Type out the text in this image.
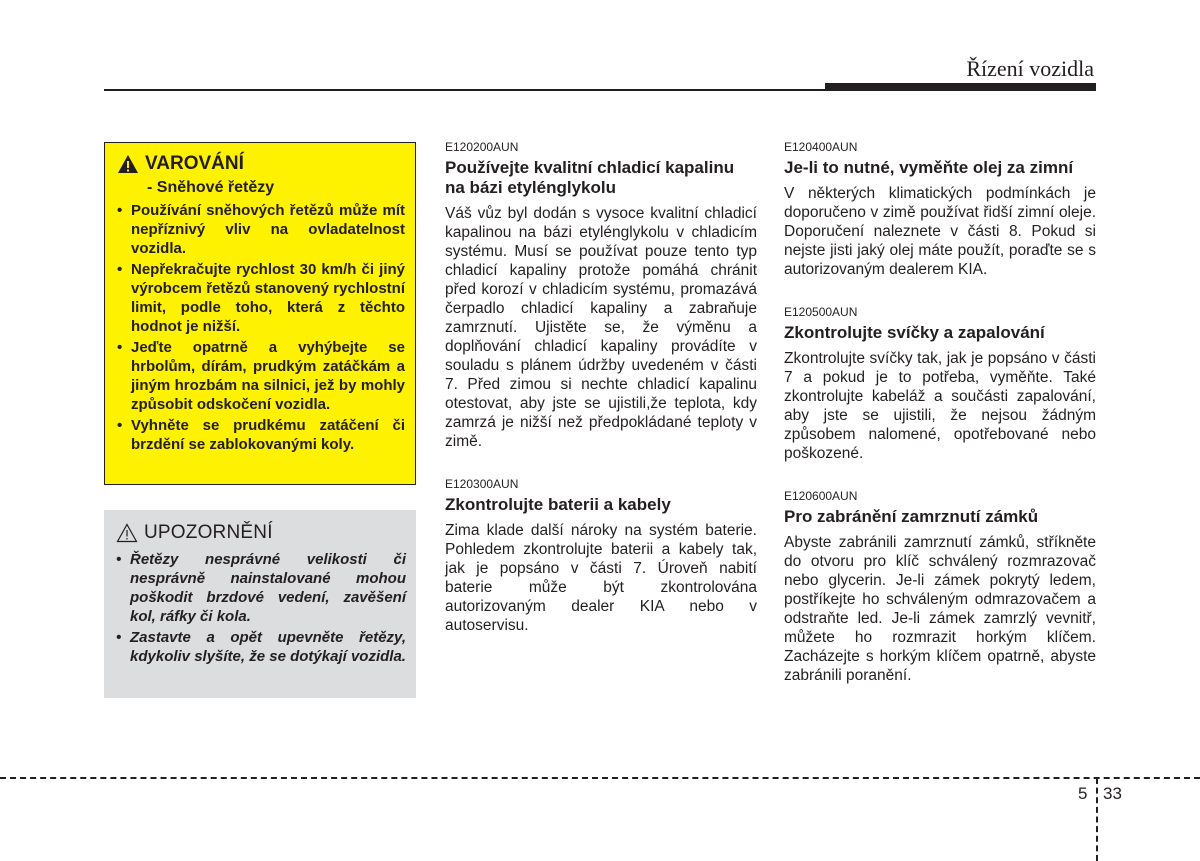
Řízení vozidla
VAROVÁNÍ
- Sněhové řetězy
• Používání sněhových řetězů může mít nepříznivý vliv na ovladatelnost vozidla.
• Nepřekračujte rychlost 30 km/h či jiný výrobcem řetězů stanovený rychlostní limit, podle toho, která z těchto hodnot je nižší.
• Jeďte opatrně a vyhýbejte se hrbolům, dírám, prudkým zatáčkám a jiným hrozbám na silnici, jež by mohly způsobit odskočení vozidla.
• Vyhněte se prudkému zatáčení či brzdění se zablokovanými koly.
UPOZORNĚNÍ
• Řetězy nesprávné velikosti či nesprávně nainstalované mohou poškodit brzdové vedení, zavěšení kol, ráfky či kola.
• Zastavte a opět upevněte řetězy, kdykoliv slyšíte, že se dotýkají vozidla.

E120200AUN

Používejte kvalitní chladicí kapalinu na bázi etylénglykolu

Váš vůz byl dodán s vysoce kvalitní chladicí kapalinou na bázi etylénglykolu v chladicím systému. Musí se používat pouze tento typ chladicí kapaliny protože pomáhá chránit před korozí v chladicím systému, promazává čerpadlo chladicí kapaliny a zabraňuje zamrznutí. Ujistěte se, že výměnu a doplňování chladicí kapaliny provádíte v souladu s plánem údržby uvedeném v části 7. Před zimou si nechte chladicí kapalinu otestovat, aby jste se ujistili,že teplota, kdy zamrzá je nižší než předpokládané teploty v zimě.

E120300AUN

Zkontrolujte baterii a kabely

Zima klade další nároky na systém baterie. Pohledem zkontrolujte baterii a kabely tak, jak je popsáno v části 7. Úroveň nabití baterie může být zkontrolována autorizovaným dealer KIA nebo v autoservisu.

E120400AUN

Je-li to nutné, vyměňte olej za zimní

V některých klimatických podmínkách je doporučeno v zimě používat řidší zimní oleje. Doporučení naleznete v části 8. Pokud si nejste jisti jaký olej máte použít, poraďte se s autorizovaným dealerem KIA.

E120500AUN

Zkontrolujte svíčky a zapalování

Zkontrolujte svíčky tak, jak je popsáno v části 7 a pokud je to potřeba, vyměňte. Také zkontrolujte kabeláž a součásti zapalování, aby jste se ujistili, že nejsou žádným způsobem nalomené, opotřebované nebo poškozené.

E120600AUN

Pro zabránění zamrznutí zámků

Abyste zabránili zamrznutí zámků, stříkněte do otvoru pro klíč schválený rozmrazovač nebo glycerin. Je-li zámek pokrytý ledem, postříkejte ho schváleným odmrazovačem a odstraňte led. Je-li zámek zamrzlý vevnitř, můžete ho rozmrazit horkým klíčem. Zacházejte s horkým klíčem opatrně, abyste zabránili poranění.

5 33
